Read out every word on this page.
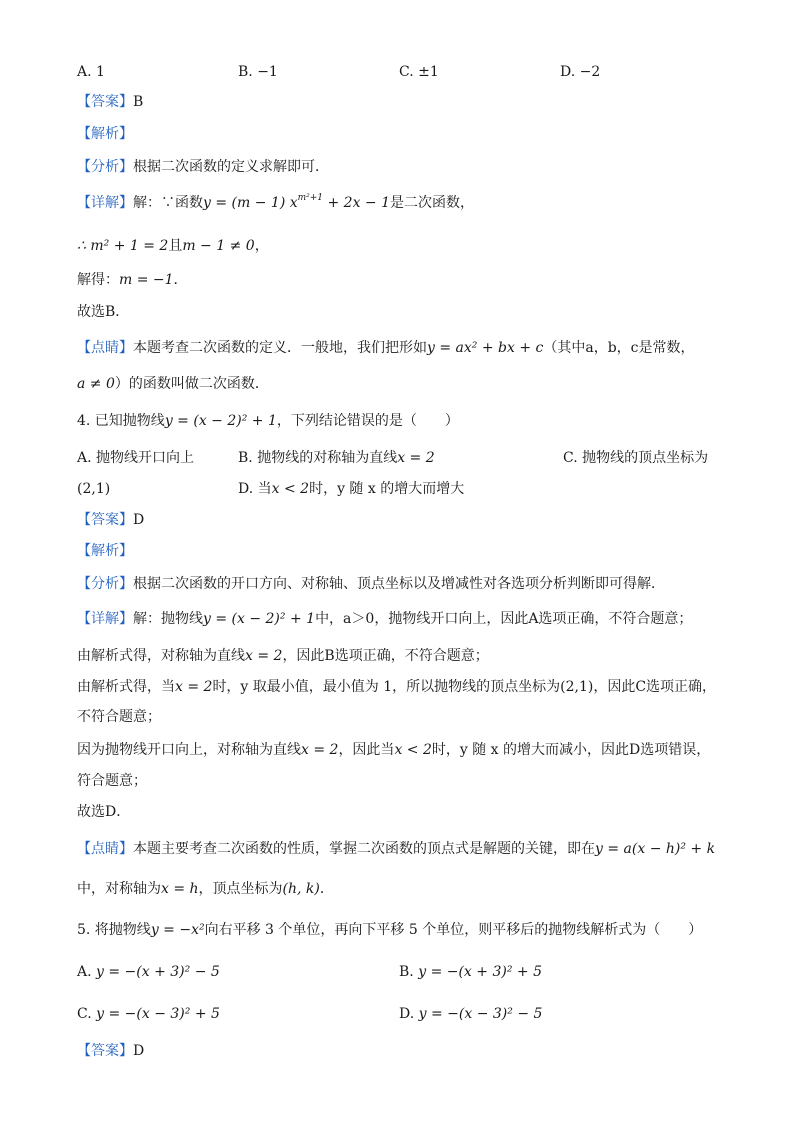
A. 1	B. −1	C. ±1	D. −2
【答案】B
【解析】
【分析】根据二次函数的定义求解即可．
【详解】解：∵函数y = (m − 1) $x^{m^2+1} + 2x - 1$是二次函数，
∴ m² + 1 = 2且m − 1 ≠ 0，
解得：m = −1．
故选B．
【点睛】本题考查二次函数的定义．一般地，我们把形如y = ax² + bx + c（其中a，b，c是常数，
a ≠ 0）的函数叫做二次函数．
4. 已知抛物线y = (x − 2)² + 1，下列结论错误的是（　　）
A. 抛物线开口向上	B. 抛物线的对称轴为直线x = 2	C. 抛物线的顶点坐标为
(2,1)	D. 当x < 2时，y 随 x 的增大而增大
【答案】D
【解析】
【分析】根据二次函数的开口方向、对称轴、顶点坐标以及增减性对各选项分析判断即可得解．
【详解】解：抛物线y = (x − 2)² + 1中，a＞0，抛物线开口向上，因此A选项正确，不符合题意；
由解析式得，对称轴为直线x = 2，因此B选项正确，不符合题意；
由解析式得，当x = 2时，y 取最小值，最小值为 1，所以抛物线的顶点坐标为(2,1)，因此C选项正确，
不符合题意；
因为抛物线开口向上，对称轴为直线x = 2，因此当x < 2时，y 随 x 的增大而减小，因此D选项错误，
符合题意；
故选D．
【点睛】本题主要考查二次函数的性质，掌握二次函数的顶点式是解题的关键，即在y = a(x − h)² + k
中，对称轴为x = h，顶点坐标为(h, k)．
5. 将抛物线y = −x²向右平移 3 个单位，再向下平移 5 个单位，则平移后的抛物线解析式为（　　）
A. y = −(x + 3)² − 5	B. y = −(x + 3)² + 5
C. y = −(x − 3)² + 5	D. y = −(x − 3)² − 5
【答案】D
